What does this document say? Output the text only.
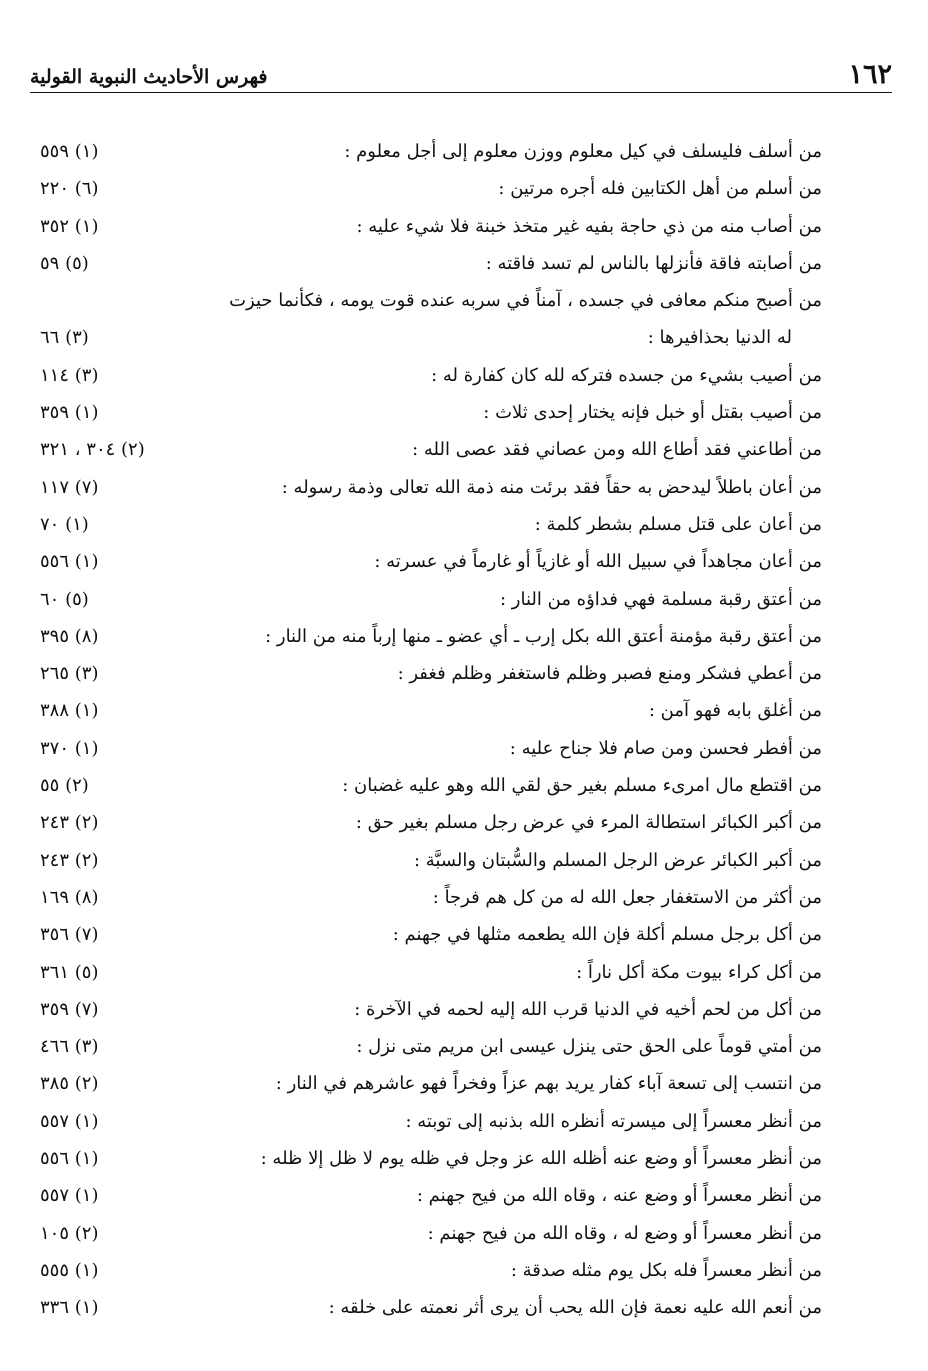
١٦٢
فهرس الأحاديث النبوية القولية
من أسلف فليسلف في كيل معلوم ووزن معلوم إلى أجل معلوم :
(١) ٥٥٩
من أسلم من أهل الكتابين فله أجره مرتين :
(٦) ٢٢٠
من أصاب منه من ذي حاجة بفيه غير متخذ خبنة فلا شيء عليه :
(١) ٣٥٢
من أصابته فاقة فأنزلها بالناس لم تسد فاقته :
(٥) ٥٩
من أصبح منكم معافى في جسده ، آمناً في سربه عنده قوت يومه ، فكأنما حيزت
له الدنيا بحذافيرها :
(٣) ٦٦
من أصيب بشيء من جسده فتركه لله كان كفارة له :
(٣) ١١٤
من أصيب بقتل أو خبل فإنه يختار إحدى ثلاث :
(١) ٣٥٩
من أطاعني فقد أطاع الله ومن عصاني فقد عصى الله :
(٢) ٣٠٤ ، ٣٢١
من أعان باطلاً ليدحض به حقاً فقد برئت منه ذمة الله تعالى وذمة رسوله :
(٧) ١١٧
من أعان على قتل مسلم بشطر كلمة :
(١) ٧٠
من أعان مجاهداً في سبيل الله أو غازياً أو غارماً في عسرته :
(١) ٥٥٦
من أعتق رقبة مسلمة فهي فداؤه من النار :
(٥) ٦٠
من أعتق رقبة مؤمنة أعتق الله بكل إرب ـ أي عضو ـ منها إرباً منه من النار :
(٨) ٣٩٥
من أعطي فشكر ومنع فصبر وظلم فاستغفر وظلم فغفر :
(٣) ٢٦٥
من أغلق بابه فهو آمن :
(١) ٣٨٨
من أفطر فحسن ومن صام فلا جناح عليه :
(١) ٣٧٠
من اقتطع مال امرىء مسلم بغير حق لقي الله وهو عليه غضبان :
(٢) ٥٥
من أكبر الكبائر استطالة المرء في عرض رجل مسلم بغير حق :
(٢) ٢٤٣
من أكبر الكبائر عرض الرجل المسلم والسُّبتان والسبَّة :
(٢) ٢٤٣
من أكثر من الاستغفار جعل الله له من كل هم فرجاً :
(٨) ١٦٩
من أكل برجل مسلم أكلة فإن الله يطعمه مثلها في جهنم :
(٧) ٣٥٦
من أكل كراء بيوت مكة أكل ناراً :
(٥) ٣٦١
من أكل من لحم أخيه في الدنيا قرب الله إليه لحمه في الآخرة :
(٧) ٣٥٩
من أمتي قوماً على الحق حتى ينزل عيسى ابن مريم متى نزل :
(٣) ٤٦٦
من انتسب إلى تسعة آباء كفار يريد بهم عزاً وفخراً فهو عاشرهم في النار :
(٢) ٣٨٥
من أنظر معسراً إلى ميسرته أنظره الله بذنبه إلى توبته :
(١) ٥٥٧
من أنظر معسراً أو وضع عنه أظله الله عز وجل في ظله يوم لا ظل إلا ظله :
(١) ٥٥٦
من أنظر معسراً أو وضع عنه ، وقاه الله من فيح جهنم :
(١) ٥٥٧
من أنظر معسراً أو وضع له ، وقاه الله من فيح جهنم :
(٢) ١٠٥
من أنظر معسراً فله بكل يوم مثله صدقة :
(١) ٥٥٥
من أنعم الله عليه نعمة فإن الله يحب أن يرى أثر نعمته على خلقه :
(١) ٣٣٦
